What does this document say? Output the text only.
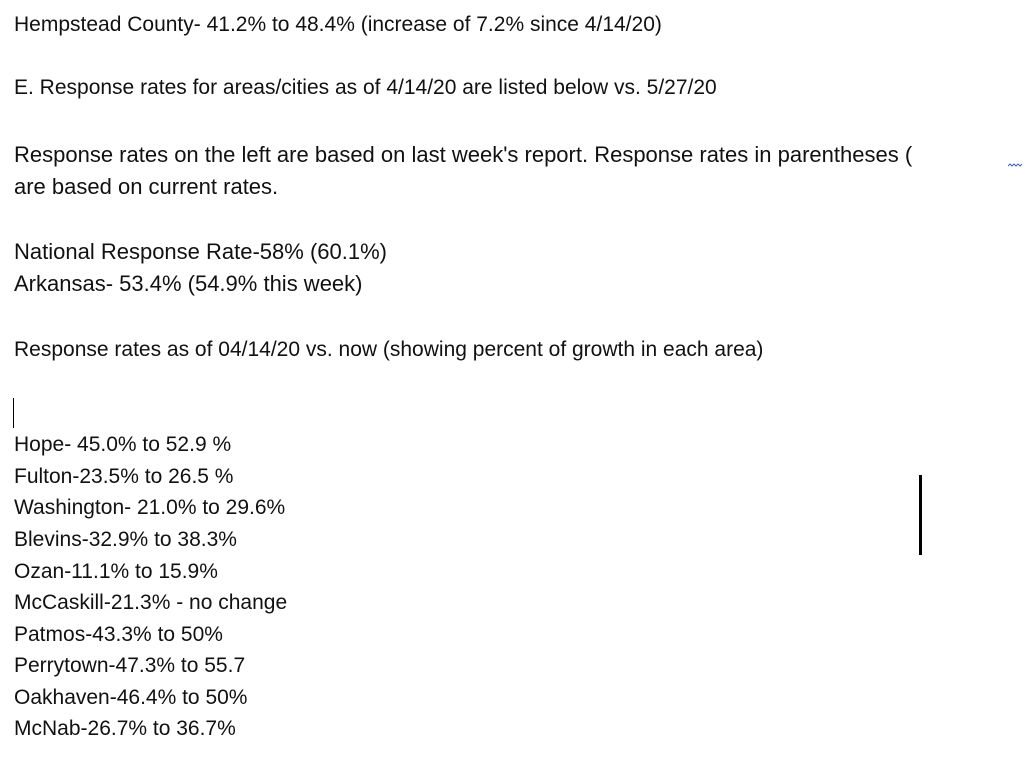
Hempstead County- 41.2% to 48.4% (increase of 7.2% since 4/14/20)
E. Response rates for areas/cities as of 4/14/20 are listed below vs. 5/27/20
Response rates on the left are based on last week's report. Response rates in parentheses (
are based on current rates.
National Response Rate-58% (60.1%)
Arkansas- 53.4% (54.9% this week)
Response rates as of 04/14/20 vs. now (showing percent of growth in each area)
Hope- 45.0% to 52.9 %
Fulton-23.5% to 26.5 %
Washington- 21.0% to 29.6%
Blevins-32.9% to 38.3%
Ozan-11.1% to 15.9%
McCaskill-21.3% - no change
Patmos-43.3% to 50%
Perrytown-47.3% to 55.7
Oakhaven-46.4% to 50%
McNab-26.7% to 36.7%
